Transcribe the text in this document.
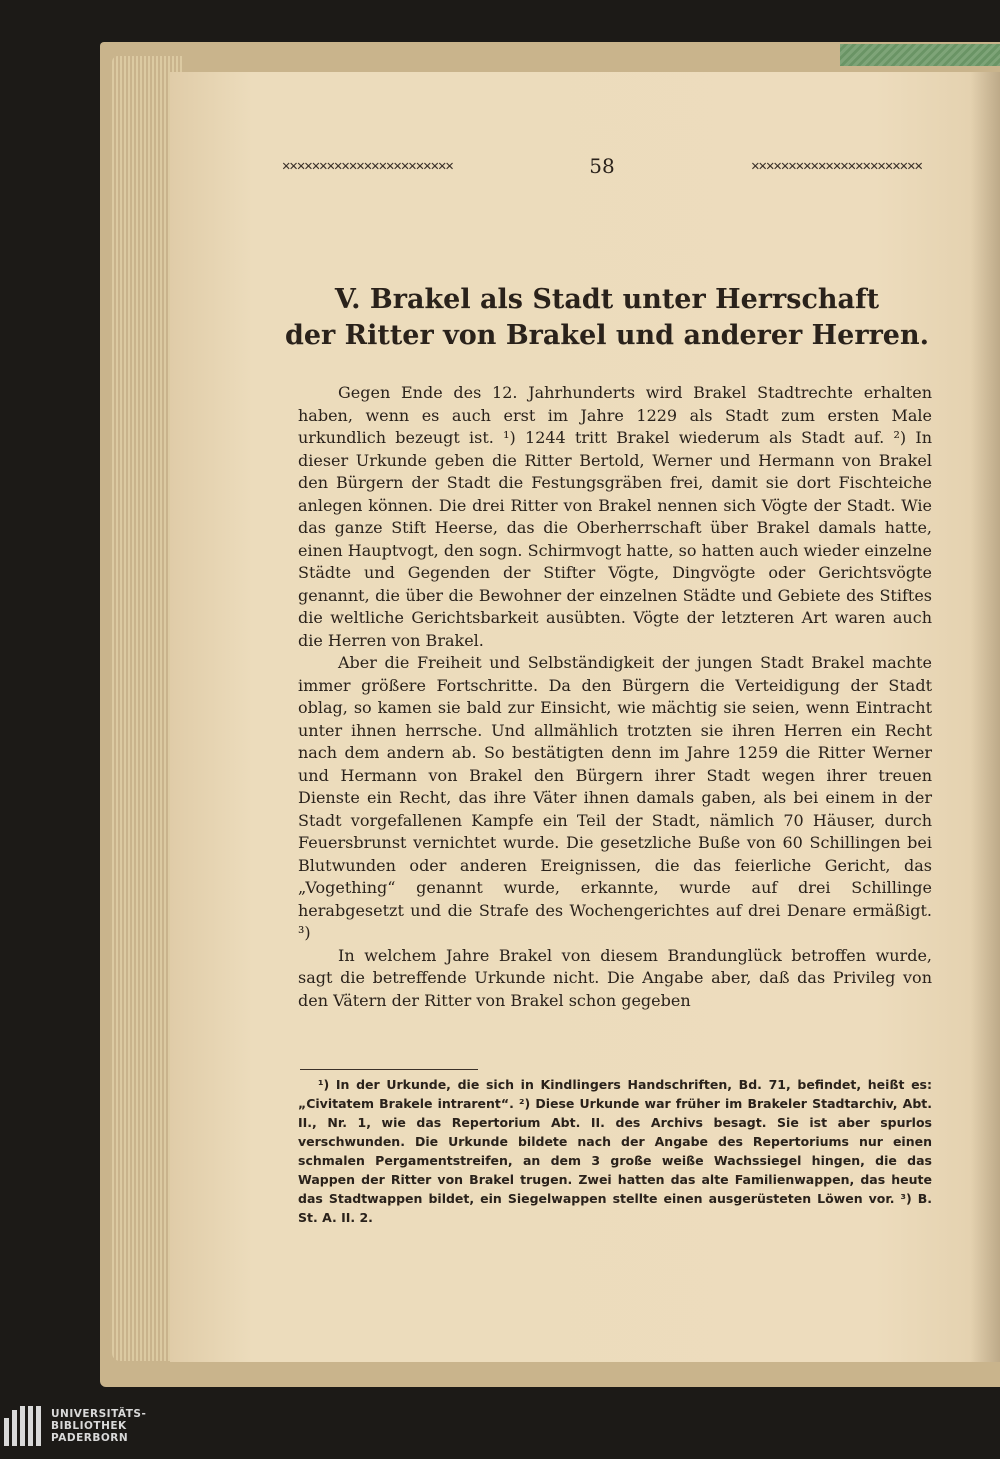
✕✕✕✕✕✕✕✕✕✕✕✕✕✕✕✕✕✕✕✕✕✕✕	58	✕✕✕✕✕✕✕✕✕✕✕✕✕✕✕✕✕✕✕✕✕✕✕
V. Brakel als Stadt unter Herrschaft
der Ritter von Brakel und anderer Herren.

Gegen Ende des 12. Jahrhunderts wird Brakel Stadtrechte erhalten haben, wenn es auch erst im Jahre 1229 als Stadt zum ersten Male urkundlich bezeugt ist. ¹) 1244 tritt Brakel wiederum als Stadt auf. ²) In dieser Urkunde geben die Ritter Bertold, Werner und Hermann von Brakel den Bürgern der Stadt die Festungsgräben frei, damit sie dort Fischteiche anlegen können. Die drei Ritter von Brakel nennen sich Vögte der Stadt. Wie das ganze Stift Heerse, das die Oberherrschaft über Brakel damals hatte, einen Hauptvogt, den sogn. Schirmvogt hatte, so hatten auch wieder einzelne Städte und Gegenden der Stifter Vögte, Dingvögte oder Gerichtsvögte genannt, die über die Bewohner der einzelnen Städte und Gebiete des Stiftes die weltliche Gerichtsbarkeit ausübten. Vögte der letzteren Art waren auch die Herren von Brakel.

Aber die Freiheit und Selbständigkeit der jungen Stadt Brakel machte immer größere Fortschritte. Da den Bürgern die Verteidigung der Stadt oblag, so kamen sie bald zur Einsicht, wie mächtig sie seien, wenn Eintracht unter ihnen herrsche. Und allmählich trotzten sie ihren Herren ein Recht nach dem andern ab. So bestätigten denn im Jahre 1259 die Ritter Werner und Hermann von Brakel den Bürgern ihrer Stadt wegen ihrer treuen Dienste ein Recht, das ihre Väter ihnen damals gaben, als bei einem in der Stadt vorgefallenen Kampfe ein Teil der Stadt, nämlich 70 Häuser, durch Feuersbrunst vernichtet wurde. Die gesetzliche Buße von 60 Schillingen bei Blutwunden oder anderen Ereignissen, die das feierliche Gericht, das „Vogething“ genannt wurde, erkannte, wurde auf drei Schillinge herabgesetzt und die Strafe des Wochengerichtes auf drei Denare ermäßigt. ³)

In welchem Jahre Brakel von diesem Brandunglück betroffen wurde, sagt die betreffende Urkunde nicht. Die Angabe aber, daß das Privileg von den Vätern der Ritter von Brakel schon gegeben

¹) In der Urkunde, die sich in Kindlingers Handschriften, Bd. 71, befindet, heißt es: „Civitatem Brakele intrarent“. ²) Diese Urkunde war früher im Brakeler Stadtarchiv, Abt. II., Nr. 1, wie das Repertorium Abt. II. des Archivs besagt. Sie ist aber spurlos verschwunden. Die Urkunde bildete nach der Angabe des Repertoriums nur einen schmalen Pergamentstreifen, an dem 3 große weiße Wachssiegel hingen, die das Wappen der Ritter von Brakel trugen. Zwei hatten das alte Familienwappen, das heute das Stadtwappen bildet, ein Siegelwappen stellte einen ausgerüsteten Löwen vor. ³) B. St. A. II. 2.

UNIVERSITÄTS-
BIBLIOTHEK
PADERBORN
